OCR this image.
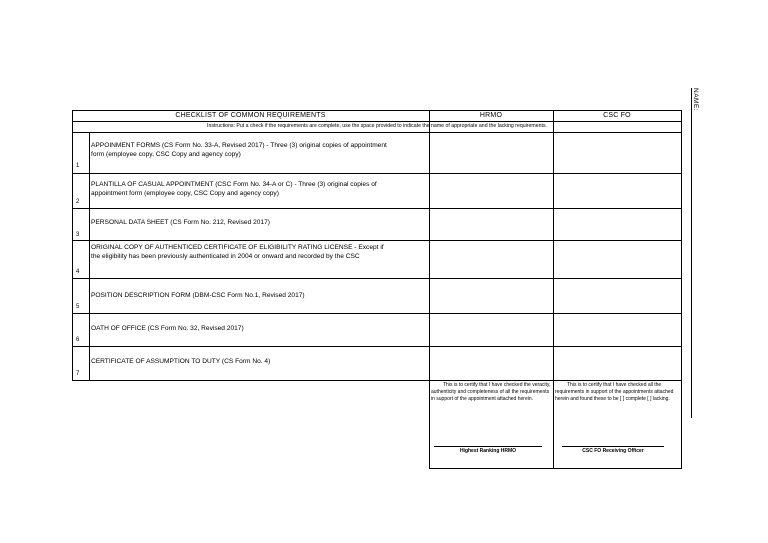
NAME:
CHECKLIST OF COMMON REQUIREMENTS	HRMO	CSC FO
Instructions: Put a check if the requirements are complete, use the space provided to indicate the name of appropriate and the lacking requirements.
1
APPOINMENT FORMS (CS Form No. 33-A, Revised 2017) - Three (3) original copies of appointment form (employee copy, CSC Copy and agency copy)
2
PLANTILLA OF CASUAL APPOINTMENT (CSC Form No. 34-A or C) - Three (3) original copies of appointment form (employee copy, CSC Copy and agency copy)
3
PERSONAL DATA SHEET (CS Form No. 212, Revised 2017)
4
ORIGINAL COPY OF AUTHENTICED CERTIFICATE OF ELIGIBILITY RATING LICENSE - Except if the eligibility has been previously authenticated in 2004 or onward and recorded by the CSC
5
POSITION DESCRIPTION FORM (DBM-CSC Form No.1, Revised 2017)
6
OATH OF OFFICE (CS Form No. 32, Revised 2017)
7
CERTIFICATE OF ASSUMPTION TO DUTY (CS Form No. 4)
This is to certify that I have checked the veracity, authenticity and completeness of all the requirements in support of the appointment attached herein.
Highest Ranking HRMO
This is to certify that I have checked all the requirements in support of the appointments attached herein and found these to be [ ] complete [ ] lacking.
CSC FO Receiving Officer
